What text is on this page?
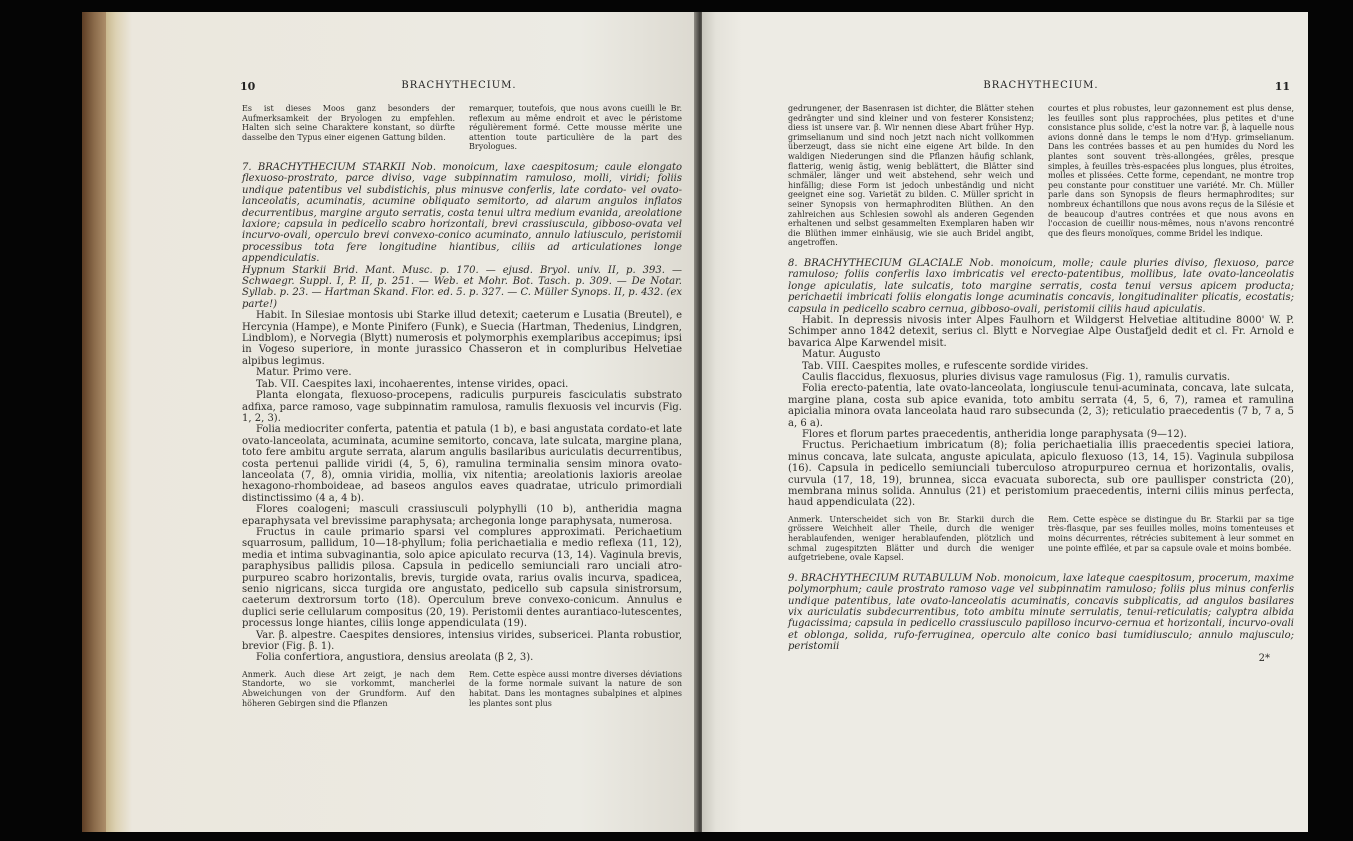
10	BRACHYTHECIUM.
Es ist dieses Moos ganz besonders der Aufmerksamkeit der Bryologen zu empfehlen. Halten sich seine Charaktere konstant, so dürfte dasselbe den Typus einer eigenen Gattung bilden.
remarquer, toutefois, que nous avons cueilli le Br. reflexum au même endroit et avec le péristome régulièrement formé. Cette mousse mérite une attention toute particulière de la part des Bryologues.

7. BRACHYTHECIUM STARKII Nob. monoicum, laxe caespitosum; caule elongato flexuoso-prostrato, parce diviso, vage subpinnatim ramuloso, molli, viridi; foliis undique patentibus vel subdistichis, plus minusve conferlis, late cordato- vel ovato-lanceolatis, acuminatis, acumine obliquato semitorto, ad alarum angulos inflatos decurrentibus, margine arguto serratis, costa tenui ultra medium evanida, areolatione laxiore; capsula in pedicello scabro horizontali, brevi crassiuscula, gibboso-ovata vel incurvo-ovali, operculo brevi convexo-conico acuminato, annulo latiusculo, peristomii processibus tota fere longitudine hiantibus, ciliis ad articulationes longe appendiculatis.

Hypnum Starkii Brid. Mant. Musc. p. 170. — ejusd. Bryol. univ. II, p. 393. — Schwaegr. Suppl. I, P. II, p. 251. — Web. et Mohr. Bot. Tasch. p. 309. — De Notar. Syllab. p. 23. — Hartman Skand. Flor. ed. 5. p. 327. — C. Müller Synops. II, p. 432. (ex parte!)

Habit. In Silesiae montosis ubi Starke illud detexit; caeterum e Lusatia (Breutel), e Hercynia (Hampe), e Monte Pinifero (Funk), e Suecia (Hartman, Thedenius, Lindgren, Lindblom), e Norvegia (Blytt) numerosis et polymorphis exemplaribus accepimus; ipsi in Vogeso superiore, in monte jurassico Chasseron et in compluribus Helvetiae alpibus legimus.

Matur. Primo vere.

Tab. VII. Caespites laxi, incohaerentes, intense virides, opaci.

Planta elongata, flexuoso-procepens, radiculis purpureis fasciculatis substrato adfixa, parce ramoso, vage subpinnatim ramulosa, ramulis flexuosis vel incurvis (Fig. 1, 2, 3).

Folia mediocriter conferta, patentia et patula (1 b), e basi angustata cordato-et late ovato-lanceolata, acuminata, acumine semitorto, concava, late sulcata, margine plana, toto fere ambitu argute serrata, alarum angulis basilaribus auriculatis decurrentibus, costa pertenui pallide viridi (4, 5, 6), ramulina terminalia sensim minora ovato-lanceolata (7, 8), omnia viridia, mollia, vix nitentia; areolationis laxioris areolae hexagono-rhomboideae, ad baseos angulos eaves quadratae, utriculo primordiali distinctissimo (4 a, 4 b).

Flores coalogeni; masculi crassiusculi polyphylli (10 b), antheridia magna eparaphysata vel brevissime paraphysata; archegonia longe paraphysata, numerosa.

Fructus in caule primario sparsi vel complures approximati. Perichaetium squarrosum, pallidum, 10—18-phyllum; folia perichaetialia e medio reflexa (11, 12), media et intima subvaginantia, solo apice apiculato recurva (13, 14). Vaginula brevis, paraphysibus pallidis pilosa. Capsula in pedicello semiunciali raro unciali atro-purpureo scabro horizontalis, brevis, turgide ovata, rarius ovalis incurva, spadicea, senio nigricans, sicca turgida ore angustato, pedicello sub capsula sinistrorsum, caeterum dextrorsum torto (18). Operculum breve convexo-conicum. Annulus e duplici serie cellularum compositus (20, 19). Peristomii dentes aurantiaco-lutescentes, processus longe hiantes, ciliis longe appendiculata (19).

Var. β. alpestre. Caespites densiores, intensius virides, subsericei. Planta robustior, brevior (Fig. β. 1).

Folia confertiora, angustiora, densius areolata (β 2, 3).

Anmerk. Auch diese Art zeigt, je nach dem Standorte, wo sie vorkommt, mancherlei Abweichungen von der Grundform. Auf den höheren Gebirgen sind die Pflanzen
Rem. Cette espèce aussi montre diverses déviations de la forme normale suivant la nature de son habitat. Dans les montagnes subalpines et alpines les plantes sont plus
BRACHYTHECIUM.	11
gedrungener, der Basenrasen ist dichter, die Blätter stehen gedrängter und sind kleiner und von festerer Konsistenz; diess ist unsere var. β. Wir nennen diese Abart früher Hyp. grimselianum und sind noch jetzt nach nicht vollkommen überzeugt, dass sie nicht eine eigene Art bilde. In den waldigen Niederungen sind die Pflanzen häufig schlank, flatterig, wenig ästig, wenig beblättert, die Blätter sind schmäler, länger und weit abstehend, sehr weich und hinfällig; diese Form ist jedoch unbeständig und nicht geeignet eine sog. Varietät zu bilden. C. Müller spricht in seiner Synopsis von hermaphroditen Blüthen. An den zahlreichen aus Schlesien sowohl als anderen Gegenden erhaltenen und selbst gesammelten Exemplaren haben wir die Blüthen immer einhäusig, wie sie auch Bridel angibt, angetroffen.
courtes et plus robustes, leur gazonnement est plus dense, les feuilles sont plus rapprochées, plus petites et d'une consistance plus solide, c'est la notre var. β, à laquelle nous avions donné dans le temps le nom d'Hyp. grimselianum. Dans les contrées basses et au pen humides du Nord les plantes sont souvent très-allongées, grêles, presque simples, à feuilles très-espacées plus longues, plus étroites, molles et plissées. Cette forme, cependant, ne montre trop peu constante pour constituer une variété. Mr. Ch. Müller parle dans son Synopsis de fleurs hermaphrodites; sur nombreux échantillons que nous avons reçus de la Silésie et de beaucoup d'autres contrées et que nous avons en l'occasion de cueillir nous-mêmes, nous n'avons rencontré que des fleurs monoïques, comme Bridel les indique.

8. BRACHYTHECIUM GLACIALE Nob. monoicum, molle; caule pluries diviso, flexuoso, parce ramuloso; foliis conferlis laxo imbricatis vel erecto-patentibus, mollibus, late ovato-lanceolatis longe apiculatis, late sulcatis, toto margine serratis, costa tenui versus apicem producta; perichaetii imbricati foliis elongatis longe acuminatis concavis, longitudinaliter plicatis, ecostatis; capsula in pedicello scabro cernua, gibboso-ovali, peristomii ciliis haud apiculatis.

Habit. In depressis nivosis inter Alpes Faulhorn et Wildgerst Helvetiae altitudine 8000' W. P. Schimper anno 1842 detexit, serius cl. Blytt e Norvegiae Alpe Oustafjeld dedit et cl. Fr. Arnold e bavarica Alpe Karwendel misit.

Matur. Augusto

Tab. VIII. Caespites molles, e rufescente sordide virides.

Caulis flaccidus, flexuosus, pluries divisus vage ramulosus (Fig. 1), ramulis curvatis.

Folia erecto-patentia, late ovato-lanceolata, longiuscule tenui-acuminata, concava, late sulcata, margine plana, costa sub apice evanida, toto ambitu serrata (4, 5, 6, 7), ramea et ramulina apicialia minora ovata lanceolata haud raro subsecunda (2, 3); reticulatio praecedentis (7 b, 7 a, 5 a, 6 a).

Flores et florum partes praecedentis, antheridia longe paraphysata (9—12).

Fructus. Perichaetium imbricatum (8); folia perichaetialia illis praecedentis speciei latiora, minus concava, late sulcata, anguste apiculata, apiculo flexuoso (13, 14, 15). Vaginula subpilosa (16). Capsula in pedicello semiunciali tuberculoso atropurpureo cernua et horizontalis, ovalis, curvula (17, 18, 19), brunnea, sicca evacuata suborecta, sub ore paullisper constricta (20), membrana minus solida. Annulus (21) et peristomium praecedentis, interni ciliis minus perfecta, haud appendiculata (22).

Anmerk. Unterscheidet sich von Br. Starkii durch die grössere Weichheit aller Theile, durch die weniger herablaufenden, weniger herablaufenden, plötzlich und schmal zugespitzten Blätter und durch die weniger aufgetriebene, ovale Kapsel.
Rem. Cette espèce se distingue du Br. Starkii par sa tige très-flasque, par ses feuilles molles, moins tomenteuses et moins décurrentes, rétrécies subitement à leur sommet en une pointe effilée, et par sa capsule ovale et moins bombée.

9. BRACHYTHECIUM RUTABULUM Nob. monoicum, laxe lateque caespitosum, procerum, maxime polymorphum; caule prostrato ramoso vage vel subpinnatim ramuloso; foliis plus minus conferlis undique patentibus, late ovato-lanceolatis acuminatis, concavis subplicatis, ad angulos basilares vix auriculatis subdecurrentibus, toto ambitu minute serrulatis, tenui-reticulatis; calyptra albida fugacissima; capsula in pedicello crassiusculo papilloso incurvo-cernua et horizontali, incurvo-ovali et oblonga, solida, rufo-ferruginea, operculo alte conico basi tumidiusculo; annulo majusculo; peristomii

2*
